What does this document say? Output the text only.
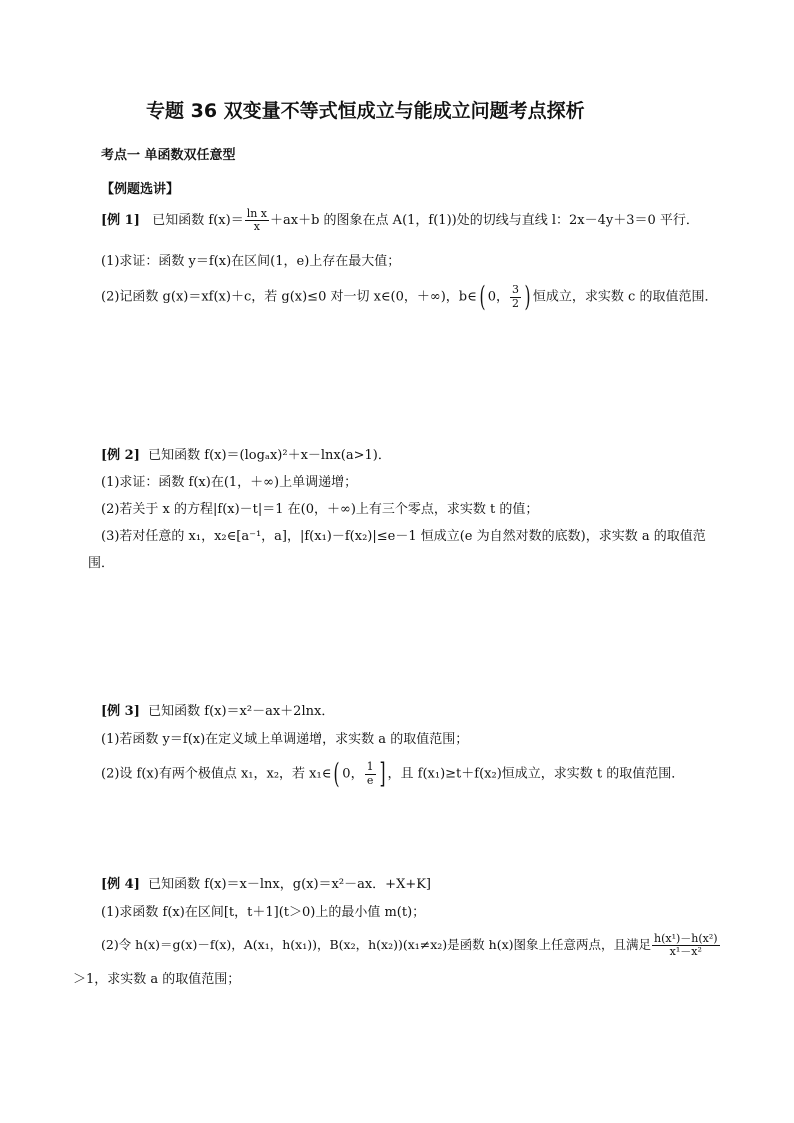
专题 36 双变量不等式恒成立与能成立问题考点探析
考点一 单函数双任意型
【例题选讲】
[例 1] 已知函数 $f(x)= \frac{\text{ln x}}{x} +ax+b$ 的图象在点 A(1，f(1))处的切线与直线 l：2x－4y＋3＝0 平行．
(1)求证：函数 y＝f(x)在区间(1，e)上存在最大值；
(2)记函数 g(x)＝xf(x)＋c，若 g(x)≤0 对一切 x∈(0，＋∞)，b∈( 0， $\frac{3}{2}$ ) 恒成立，求实数 c 的取值范围．
[例 2] 已知函数 f(x)＝(logₐx)²＋x－lnx(a>1)．
(1)求证：函数 f(x)在(1，＋∞)上单调递增；
(2)若关于 x 的方程|f(x)－t|＝1 在(0，＋∞)上有三个零点，求实数 t 的值；
(3)若对任意的 x₁，x₂∈[a⁻¹，a]，|f(x₁)－f(x₂)|≤e－1 恒成立(e 为自然对数的底数)，求实数 a 的取值范
围．
[例 3] 已知函数 f(x)＝x²－ax＋2lnx．
(1)若函数 y＝f(x)在定义域上单调递增，求实数 a 的取值范围；
(2)设 f(x)有两个极值点 x₁，x₂，若 x₁∈( 0， $\frac{1}{e}$ ] ，且 f(x₁)≥t＋f(x₂)恒成立，求实数 t 的取值范围．
[例 4] 已知函数 f(x)＝x－lnx，g(x)＝x²－ax．+X+K]
(1)求函数 f(x)在区间[t，t＋1](t＞0)上的最小值 m(t)；
(2)令 h(x)＝g(x)－f(x)，A(x₁，h(x₁))，B(x₂，h(x₂))(x₁≠x₂)是函数 h(x)图象上任意两点，且满足 $\frac{\text{h(x¹)－h(x²)}}{\text{x¹－x²}}$
＞1，求实数 a 的取值范围；
